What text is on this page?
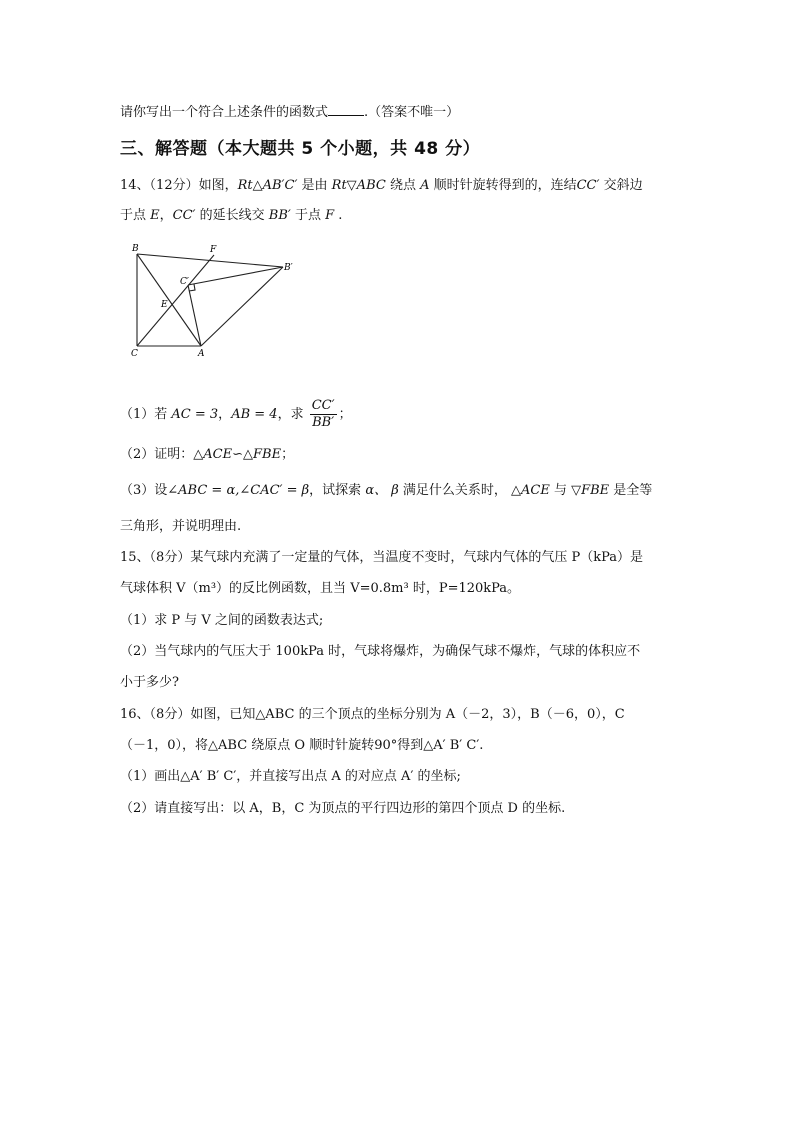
请你写出一个符合上述条件的函数式	.（答案不唯一）
三、解答题（本大题共 5 个小题，共 48 分）
14、（12分）如图，Rt△AB′C′ 是由 Rt▽ABC 绕点 A 顺时针旋转得到的，连结CC′ 交斜边
于点 E，CC′ 的延长线交 BB′ 于点 F .
B	F
B′
C′
E
C	A
（1）若 AC = 3，AB = 4，求 $\frac{CC'}{BB'}$ ；
（2）证明：△ACE∽△FBE；
（3）设∠ABC = α,∠CAC′ = β，试探索 α、 β 满足什么关系时， △ACE 与 ▽FBE 是全等
三角形，并说明理由.
15、（8分）某气球内充满了一定量的气体，当温度不变时，气球内气体的气压 P（kPa）是
气球体积 V（m³）的反比例函数，且当 V=0.8m³ 时，P=120kPa。
（1）求 P 与 V 之间的函数表达式;
（2）当气球内的气压大于 100kPa 时，气球将爆炸，为确保气球不爆炸，气球的体积应不
小于多少?
16、（8分）如图，已知△ABC 的三个顶点的坐标分别为 A（－2，3），B（－6，0），C
（－1，0），将△ABC 绕原点 O 顺时针旋转90°得到△A′ B′ C′.
（1）画出△A′ B′ C′，并直接写出点 A 的对应点 A′ 的坐标;
（2）请直接写出：以 A，B，C 为顶点的平行四边形的第四个顶点 D 的坐标.
